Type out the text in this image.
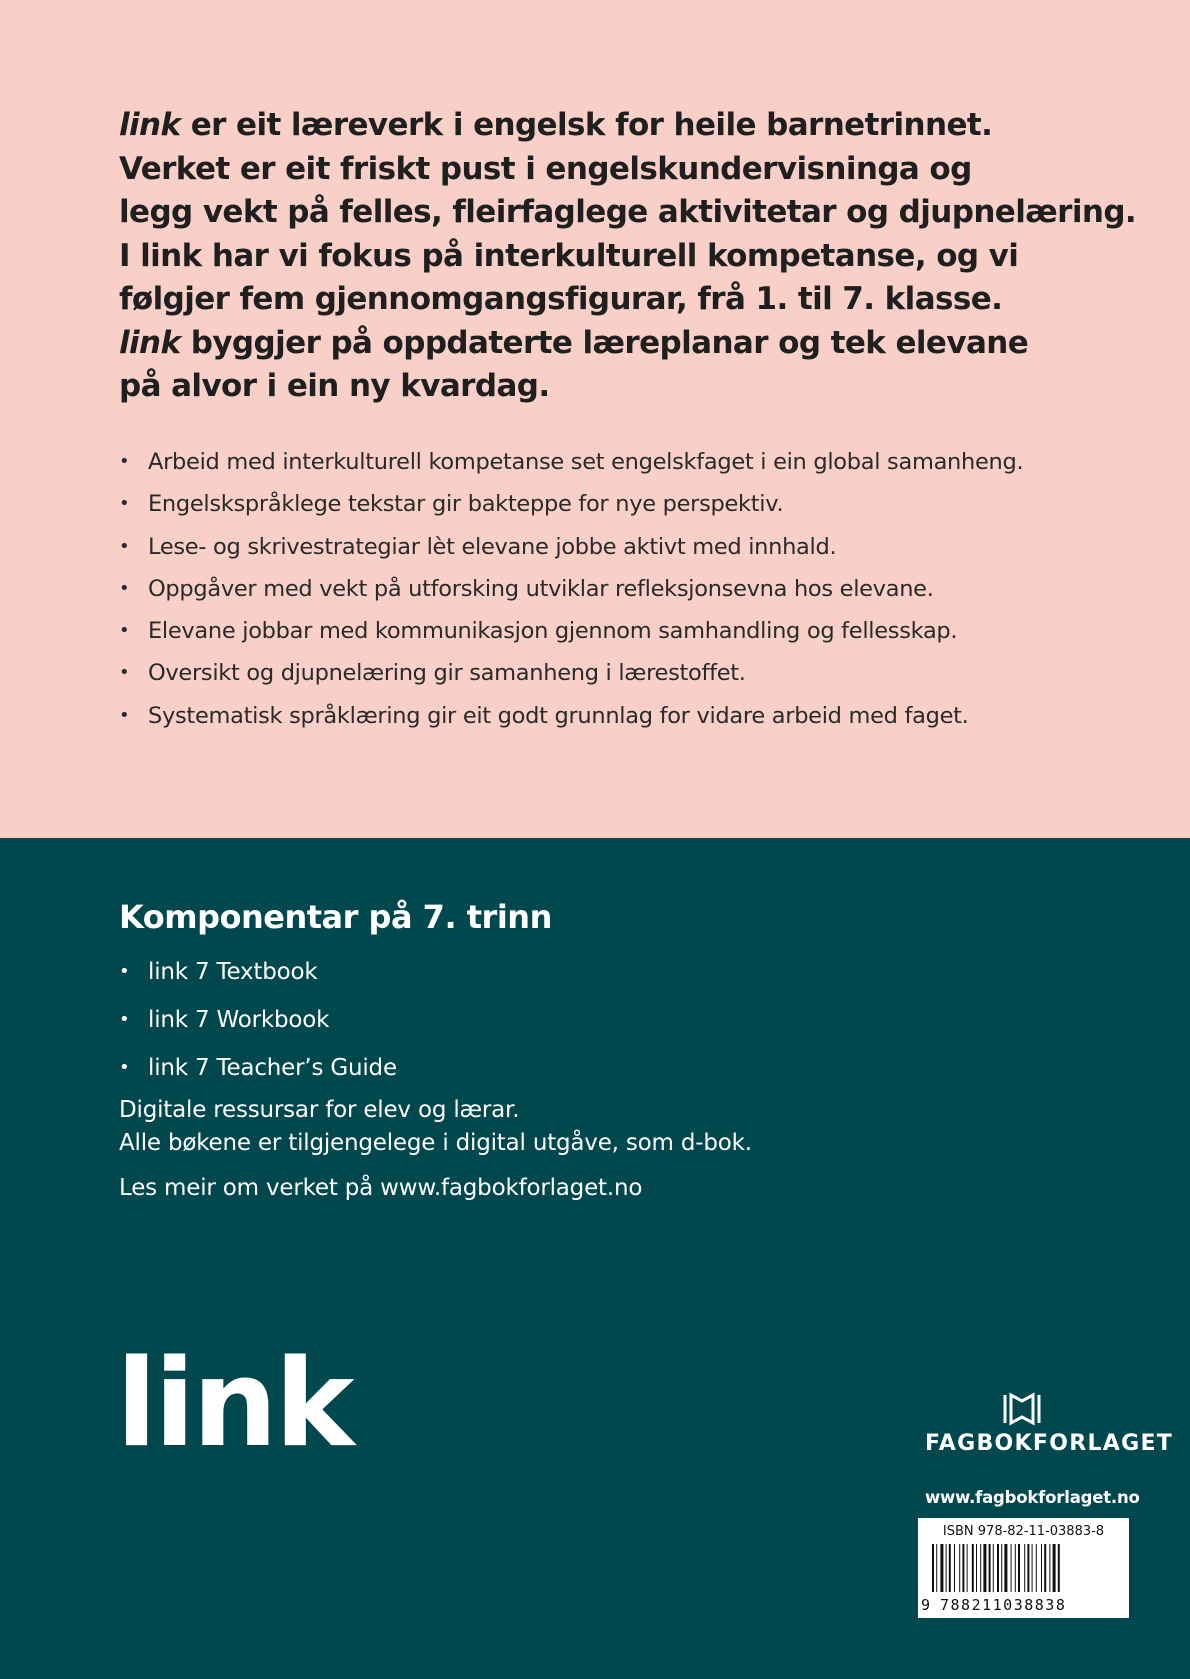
link er eit læreverk i engelsk for heile barnetrinnet.
Verket er eit friskt pust i engelskundervisninga og
legg vekt på felles, fleirfaglege aktivitetar og djupnelæring.
I link har vi fokus på interkulturell kompetanse, og vi
følgjer fem gjennomgangsfigurar, frå 1. til 7. klasse.
link byggjer på oppdaterte læreplanar og tek elevane
på alvor i ein ny kvardag.

• Arbeid med interkulturell kompetanse set engelskfaget i ein global samanheng.
• Engelskspråklege tekstar gir bakteppe for nye perspektiv.
• Lese- og skrivestrategiar lèt elevane jobbe aktivt med innhald.
• Oppgåver med vekt på utforsking utviklar refleksjonsevna hos elevane.
• Elevane jobbar med kommunikasjon gjennom samhandling og fellesskap.
• Oversikt og djupnelæring gir samanheng i lærestoffet.
• Systematisk språklæring gir eit godt grunnlag for vidare arbeid med faget.
Komponentar på 7. trinn
• link 7 Textbook
• link 7 Workbook
• link 7 Teacher’s Guide

Digitale ressursar for elev og lærar.
Alle bøkene er tilgjengelege i digital utgåve, som d-bok.

Les meir om verket på www.fagbokforlaget.no

link	FAGBOKFORLAGET
www.fagbokforlaget.no
ISBN 978-82-11-03883-8
9 788211038838
